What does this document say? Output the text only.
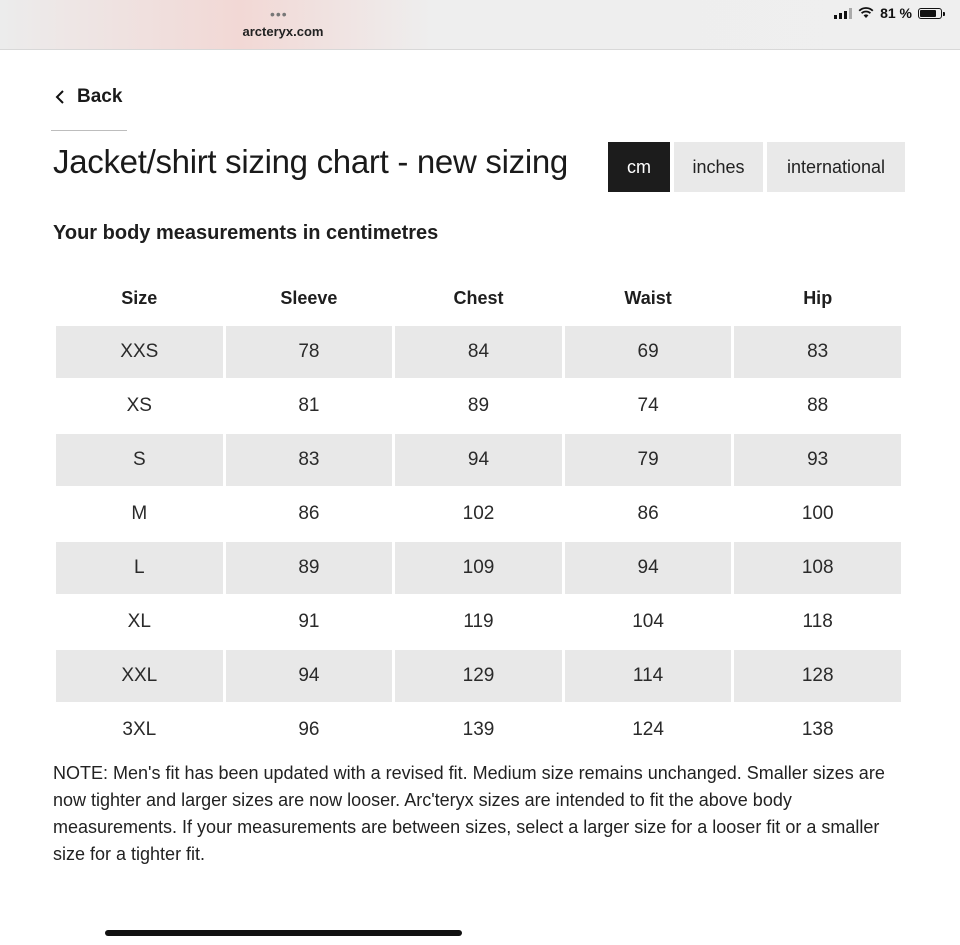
•••
arcteryx.com
81 %
Back
Jacket/shirt sizing chart - new sizing	cm	inches	international
Your body measurements in centimetres
Size	Sleeve	Chest	Waist	Hip
XXS	78	84	69	83
XS	81	89	74	88
S	83	94	79	93
M	86	102	86	100
L	89	109	94	108
XL	91	119	104	118
XXL	94	129	114	128
3XL	96	139	124	138

NOTE: Men's fit has been updated with a revised fit. Medium size remains unchanged. Smaller sizes are now tighter and larger sizes are now looser. Arc'teryx sizes are intended to fit the above body measurements. If your measurements are between sizes, select a larger size for a looser fit or a smaller size for a tighter fit.
